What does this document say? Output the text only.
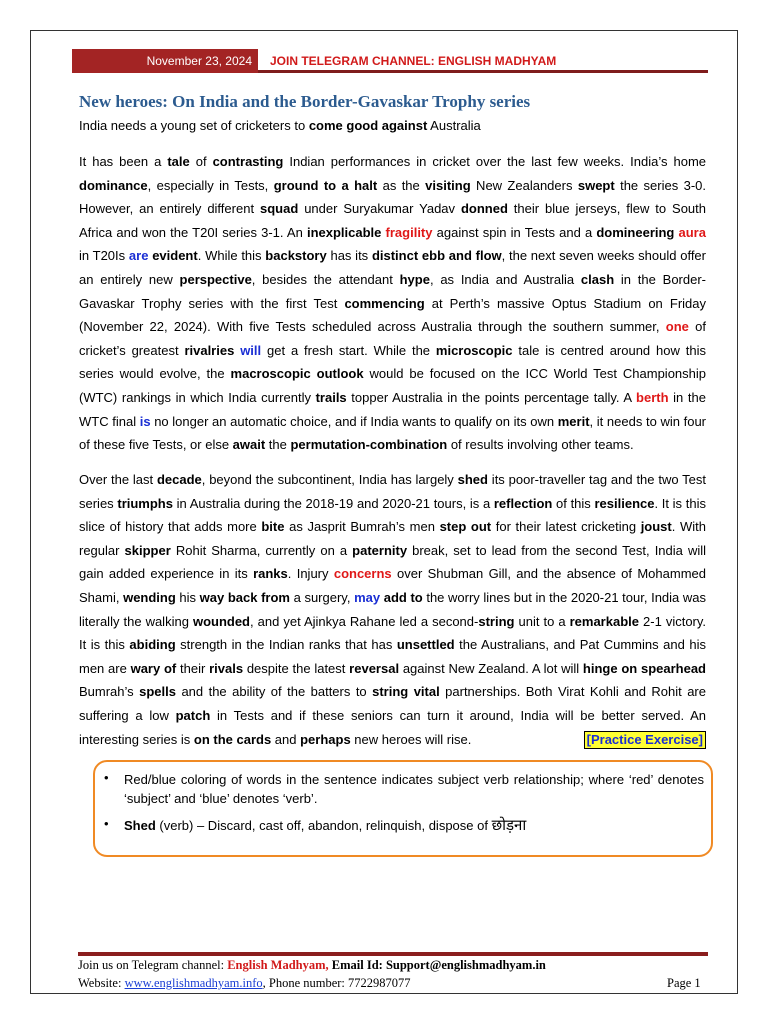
November 23, 2024	JOIN TELEGRAM CHANNEL: ENGLISH MADHYAM
New heroes: On India and the Border-Gavaskar Trophy series
India needs a young set of cricketers to come good against Australia

It has been a tale of contrasting Indian performances in cricket over the last few weeks. India’s home dominance, especially in Tests, ground to a halt as the visiting New Zealanders swept the series 3-0. However, an entirely different squad under Suryakumar Yadav donned their blue jerseys, flew to South Africa and won the T20I series 3-1. An inexplicable fragility against spin in Tests and a domineering aura in T20Is are evident. While this backstory has its distinct ebb and flow, the next seven weeks should offer an entirely new perspective, besides the attendant hype, as India and Australia clash in the Border-Gavaskar Trophy series with the first Test commencing at Perth’s massive Optus Stadium on Friday (November 22, 2024). With five Tests scheduled across Australia through the southern summer, one of cricket’s greatest rivalries will get a fresh start. While the microscopic tale is centred around how this series would evolve, the macroscopic outlook would be focused on the ICC World Test Championship (WTC) rankings in which India currently trails topper Australia in the points percentage tally. A berth in the WTC final is no longer an automatic choice, and if India wants to qualify on its own merit, it needs to win four of these five Tests, or else await the permutation-combination of results involving other teams.

Over the last decade, beyond the subcontinent, India has largely shed its poor-traveller tag and the two Test series triumphs in Australia during the 2018-19 and 2020-21 tours, is a reflection of this resilience. It is this slice of history that adds more bite as Jasprit Bumrah’s men step out for their latest cricketing joust. With regular skipper Rohit Sharma, currently on a paternity break, set to lead from the second Test, India will gain added experience in its ranks. Injury concerns over Shubman Gill, and the absence of Mohammed Shami, wending his way back from a surgery, may add to the worry lines but in the 2020-21 tour, India was literally the walking wounded, and yet Ajinkya Rahane led a second-string unit to a remarkable 2-1 victory. It is this abiding strength in the Indian ranks that has unsettled the Australians, and Pat Cummins and his men are wary of their rivals despite the latest reversal against New Zealand. A lot will hinge on spearhead Bumrah’s spells and the ability of the batters to string vital partnerships. Both Virat Kohli and Rohit are suffering a low patch in Tests and if these seniors can turn it around, India will be better served. An interesting series is on the cards and perhaps new heroes will rise.	[Practice Exercise]

• Red/blue coloring of words in the sentence indicates subject verb relationship; where ‘red’ denotes ‘subject’ and ‘blue’ denotes ‘verb’.
• Shed (verb) – Discard, cast off, abandon, relinquish, dispose of छोड़ना
Join us on Telegram channel: English Madhyam, Email Id: Support@englishmadhyam.in
Website: www.englishmadhyam.info, Phone number: 7722987077	Page 1
